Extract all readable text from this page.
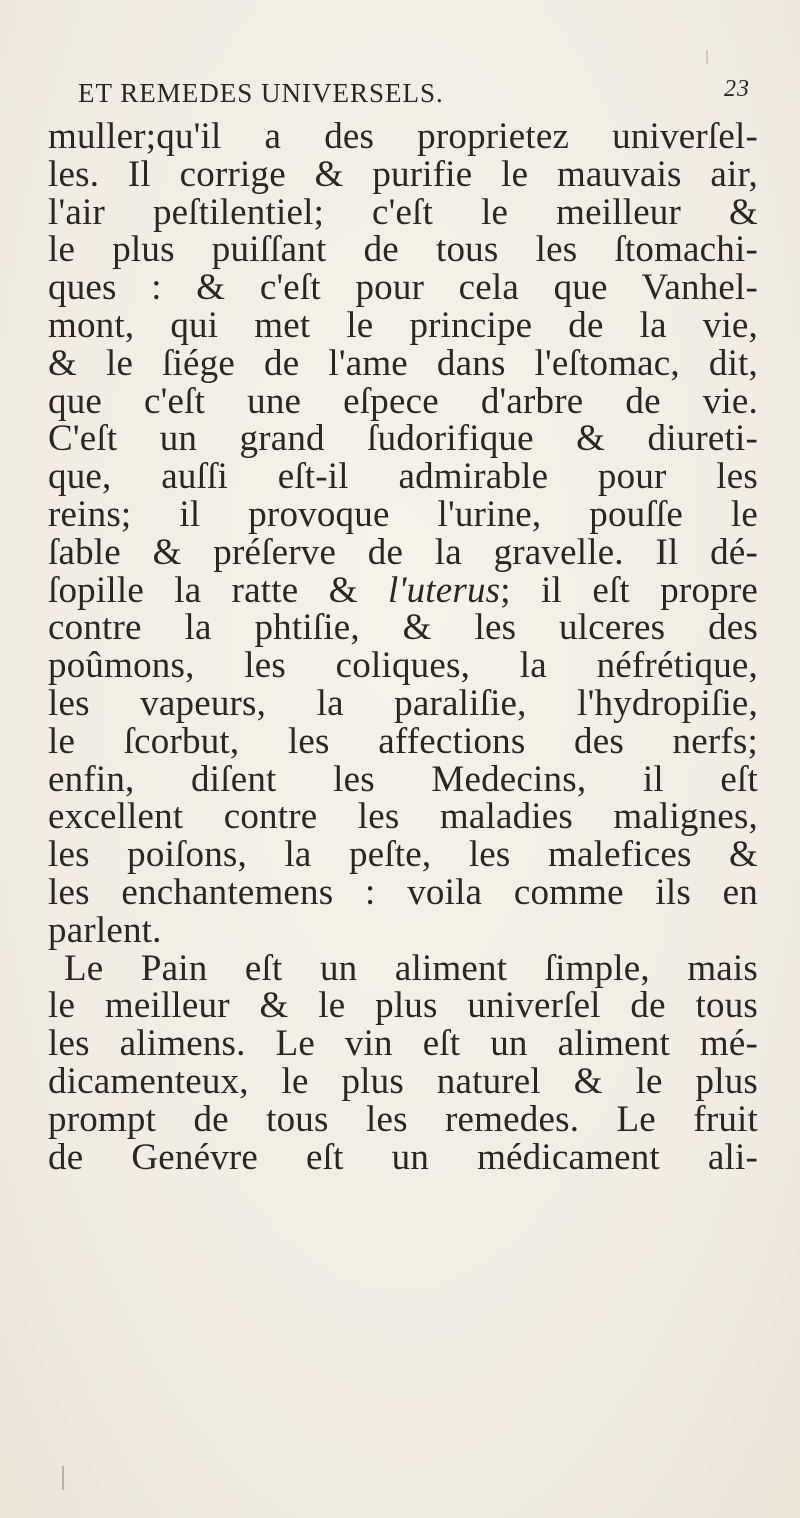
ET REMEDES UNIVERSELS.	23
muller;qu'il a des proprietez univerſel-
les. Il corrige & purifie le mauvais air,
l'air peſtilentiel; c'eſt le meilleur &
le plus puiſſant de tous les ſtomachi-
ques : & c'eſt pour cela que Vanhel-
mont, qui met le principe de la vie,
& le ſiége de l'ame dans l'eſtomac, dit,
que c'eſt une eſpece d'arbre de vie.
C'eſt un grand ſudorifique & diureti-
que, auſſi eſt-il admirable pour les
reins; il provoque l'urine, pouſſe le
ſable & préſerve de la gravelle. Il dé-
ſopille la ratte & l'uterus; il eſt propre
contre la phtiſie, & les ulceres des
poûmons, les coliques, la néfrétique,
les vapeurs, la paraliſie, l'hydropiſie,
le ſcorbut, les affections des nerfs;
enfin, diſent les Medecins, il eſt
excellent contre les maladies malignes,
les poiſons, la peſte, les malefices &
les enchantemens : voila comme ils en
parlent.
Le Pain eſt un aliment ſimple, mais
le meilleur & le plus univerſel de tous
les alimens. Le vin eſt un aliment mé-
dicamenteux, le plus naturel & le plus
prompt de tous les remedes. Le fruit
de Genévre eſt un médicament ali-
